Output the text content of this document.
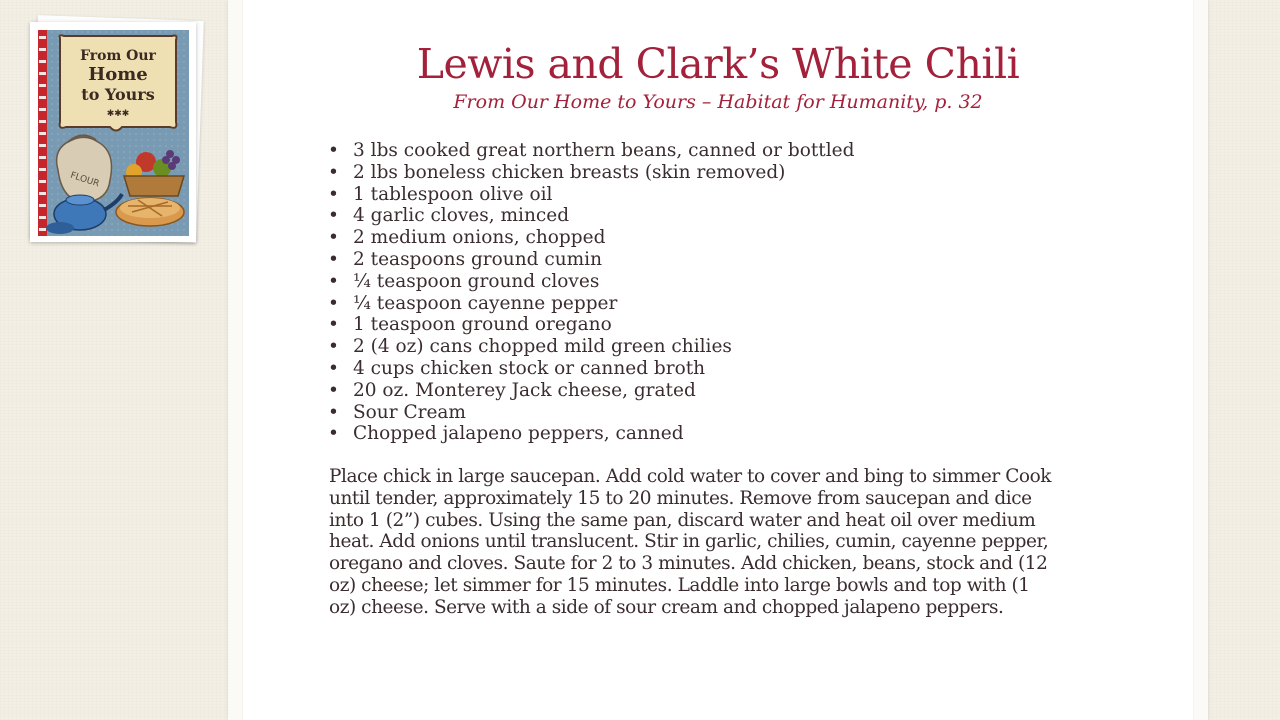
From Our
Home
to Yours
✱✱✱
FLOUR
Lewis and Clark’s White Chili
From Our Home to Yours – Habitat for Humanity, p. 32
• 3 lbs cooked great northern beans, canned or bottled
• 2 lbs boneless chicken breasts (skin removed)
• 1 tablespoon olive oil
• 4 garlic cloves, minced
• 2 medium onions, chopped
• 2 teaspoons ground cumin
• ¼ teaspoon ground cloves
• ¼ teaspoon cayenne pepper
• 1 teaspoon ground oregano
• 2 (4 oz) cans chopped mild green chilies
• 4 cups chicken stock or canned broth
• 20 oz. Monterey Jack cheese, grated
• Sour Cream
• Chopped jalapeno peppers, canned
Place chick in large saucepan. Add cold water to cover and bing to simmer Cook
until tender, approximately 15 to 20 minutes. Remove from saucepan and dice
into 1 (2”) cubes. Using the same pan, discard water and heat oil over medium
heat. Add onions until translucent. Stir in garlic, chilies, cumin, cayenne pepper,
oregano and cloves. Saute for 2 to 3 minutes. Add chicken, beans, stock and (12
oz) cheese; let simmer for 15 minutes. Laddle into large bowls and top with (1
oz) cheese. Serve with a side of sour cream and chopped jalapeno peppers.
